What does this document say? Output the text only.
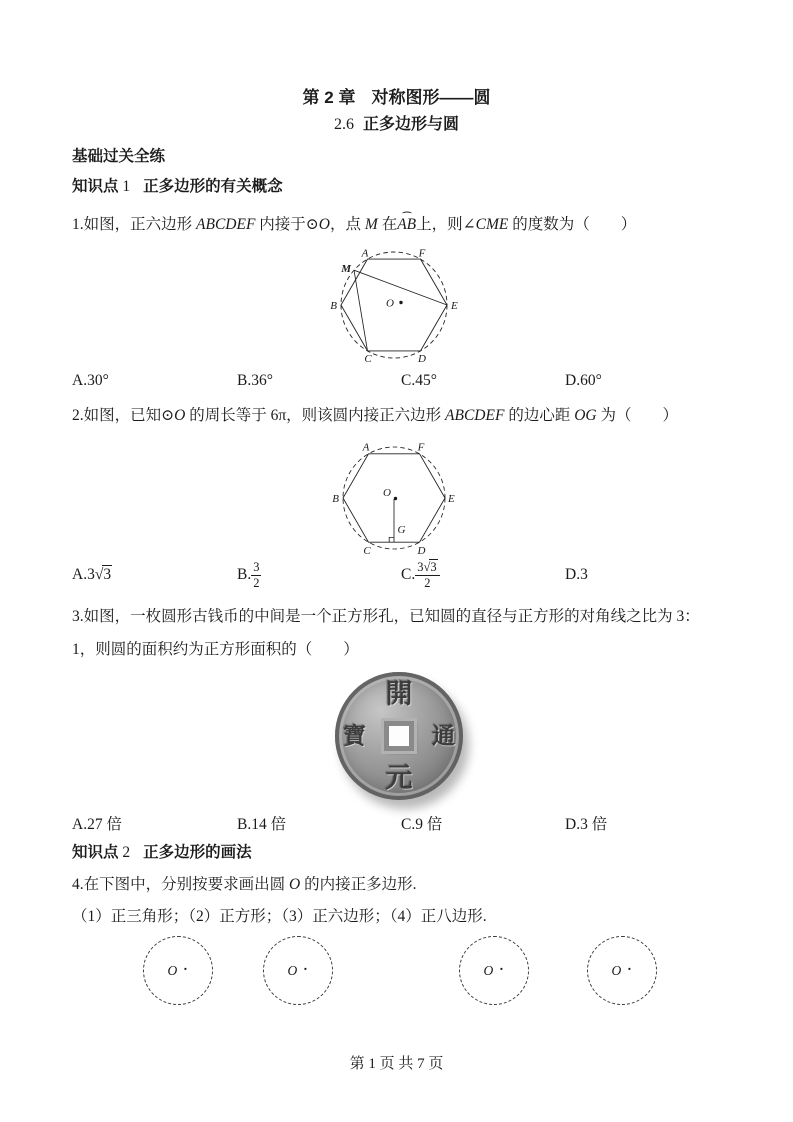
第 2 章 对称图形——圆
2.6 正多边形与圆
基础过关全练
知识点 1 正多边形的有关概念
1.如图，正六边形 ABCDEF 内接于⊙O，点 M 在
⌢
AB上，则∠CME 的度数为（　　）
A	F
M
B	O	E
C	D
A.30°	B.36°	C.45°	D.60°
2.如图，已知⊙O 的周长等于 6π，则该圆内接正六边形 ABCDEF 的边心距 OG 为（　　）
A	F
B	O	E
C	D
G
A.3 √3	B. $\frac{3}{2}$	C. $\frac{3√3}{2}$	D.3
3.如图，一枚圆形古钱币的中间是一个正方形孔，已知圆的直径与正方形的对角线之比为 3：
1，则圆的面积约为正方形面积的（　　）
開
通
元
寶
A.27 倍	B.14 倍	C.9 倍	D.3 倍
知识点 2 正多边形的画法
4.在下图中，分别按要求画出圆 O 的内接正多边形.
（1）正三角形；（2）正方形；（3）正六边形；（4）正八边形.
O ·	O ·	O ·	O ·
第 1 页 共 7 页
